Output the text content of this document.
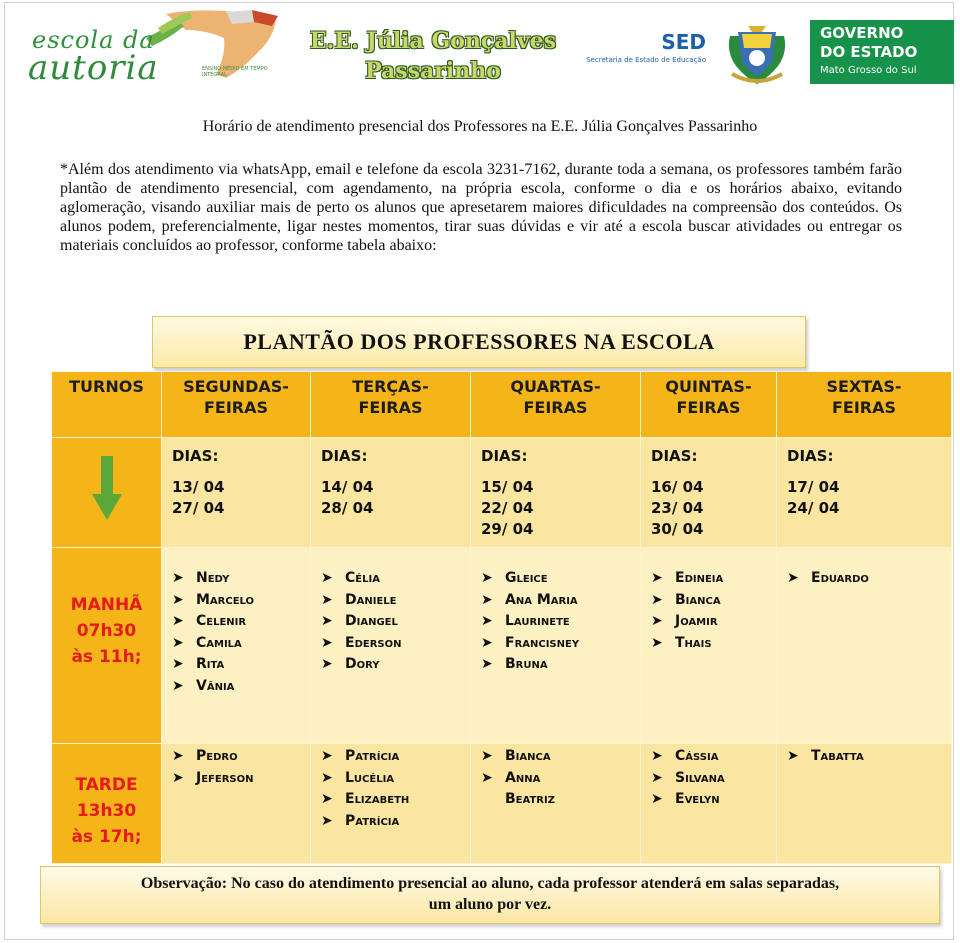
escola da
autoria	ENSINO MÉDIO EM TEMPO INTEGRAL
E.E. Júlia Gonçalves
Passarinho
SED
Secretaria de Estado de Educação
GOVERNO
DO ESTADO
Mato Grosso do Sul
Horário de atendimento presencial dos Professores na E.E. Júlia Gonçalves Passarinho
*Além dos atendimento via whatsApp, email e telefone da escola 3231-7162, durante toda a semana, os professores também farão plantão de atendimento presencial, com agendamento, na própria escola, conforme o dia e os horários abaixo, evitando aglomeração, visando auxiliar mais de perto os alunos que apresetarem maiores dificuldades na compreensão dos conteúdos. Os alunos podem, preferencialmente, ligar nestes momentos, tirar suas dúvidas e vir até a escola buscar atividades ou entregar os materiais concluídos ao professor, conforme tabela abaixo:
PLANTÃO DOS PROFESSORES NA ESCOLA
TURNOS	SEGUNDAS-
FEIRAS
TERÇAS-
FEIRAS
QUARTAS-
FEIRAS
QUINTAS-
FEIRAS
SEXTAS-
FEIRAS
DIAS:
13/ 04
27/ 04
DIAS:
14/ 04
28/ 04
DIAS:
15/ 04
22/ 04
29/ 04
DIAS:
16/ 04
23/ 04
30/ 04
DIAS:
17/ 04
24/ 04
MANHÃ
07h30
às 11h;
➤ Nedy
➤ Marcelo
➤ Celenir
➤ Camila
➤ Rita
➤ Vânia
➤ Célia
➤ Daniele
➤ Diangel
➤ Ederson
➤ Dory
➤ Gleice
➤ Ana Maria
➤ Laurinete
➤ Francisney
➤ Bruna
➤ Edineia
➤ Bianca
➤ Joamir
➤ Thais
➤ Eduardo
TARDE
13h30
às 17h;
➤ Pedro
➤ Jeferson
➤ Patrícia
➤ Lucélia
➤ Elizabeth
➤ Patrícia
➤ Bianca
➤ Anna
Beatriz
➤ Cássia
➤ Silvana
➤ Evelyn
➤ Tabatta
Observação: No caso do atendimento presencial ao aluno, cada professor atenderá em salas separadas,
um aluno por vez.
